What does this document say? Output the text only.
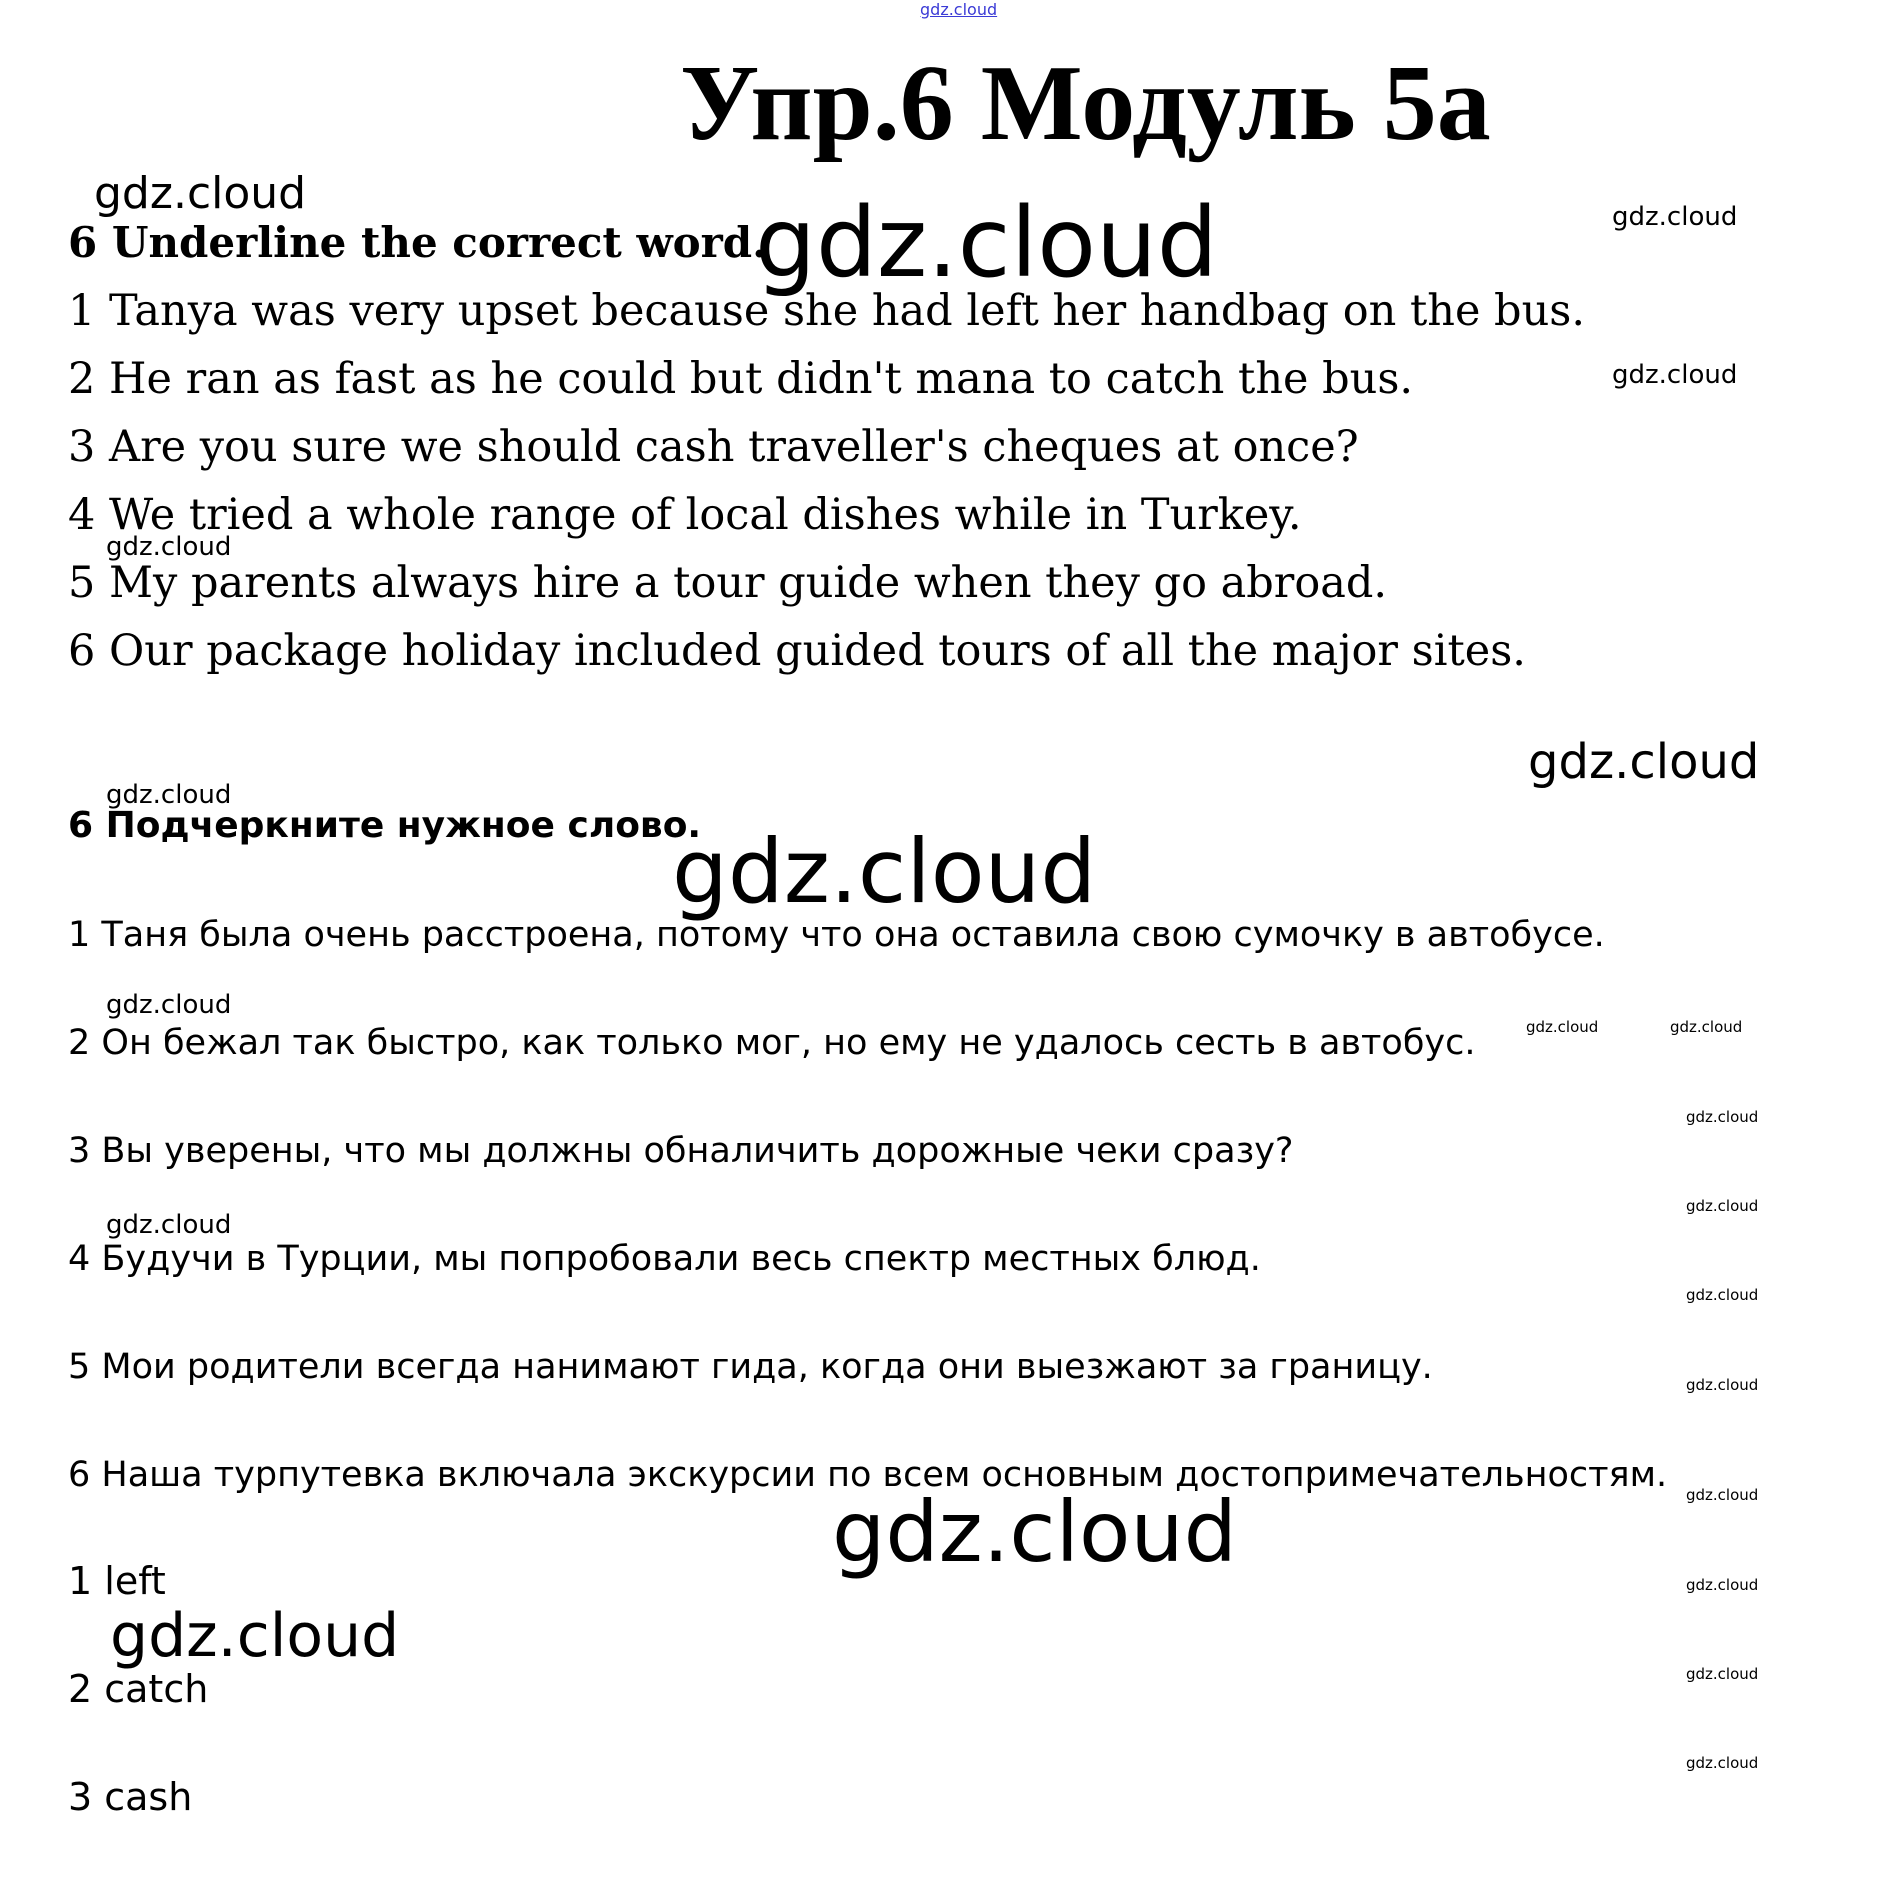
gdz.cloud
Упр.6 Модуль 5а
gdz.cloud
6 Underline the correct word.
gdz.cloud	gdz.cloud
1 Tanya was very upset because she had left her handbag on the bus.
2 He ran as fast as he could but didn't mana to catch the bus.	gdz.cloud
3 Are you sure we should cash traveller's cheques at once?
4 We tried a whole range of local dishes while in Turkey.
gdz.cloud
5 My parents always hire a tour guide when they go abroad.
6 Our package holiday included guided tours of all the major sites.
gdz.cloud
gdz.cloud
6 Подчеркните нужное слово.
gdz.cloud
1 Таня была очень расстроена, потому что она оставила свою сумочку в автобусе.
gdz.cloud
gdz.cloud	gdz.cloud
2 Он бежал так быстро, как только мог, но ему не удалось сесть в автобус.
gdz.cloud
3 Вы уверены, что мы должны обналичить дорожные чеки сразу?
gdz.cloud
gdz.cloud
4 Будучи в Турции, мы попробовали весь спектр местных блюд.
gdz.cloud
5 Мои родители всегда нанимают гида, когда они выезжают за границу.	gdz.cloud
6 Наша турпутевка включала экскурсии по всем основным достопримечательностям. gdz.cloud
gdz.cloud
1 left	gdz.cloud
gdz.cloud
2 catch	gdz.cloud
gdz.cloud
3 cash
